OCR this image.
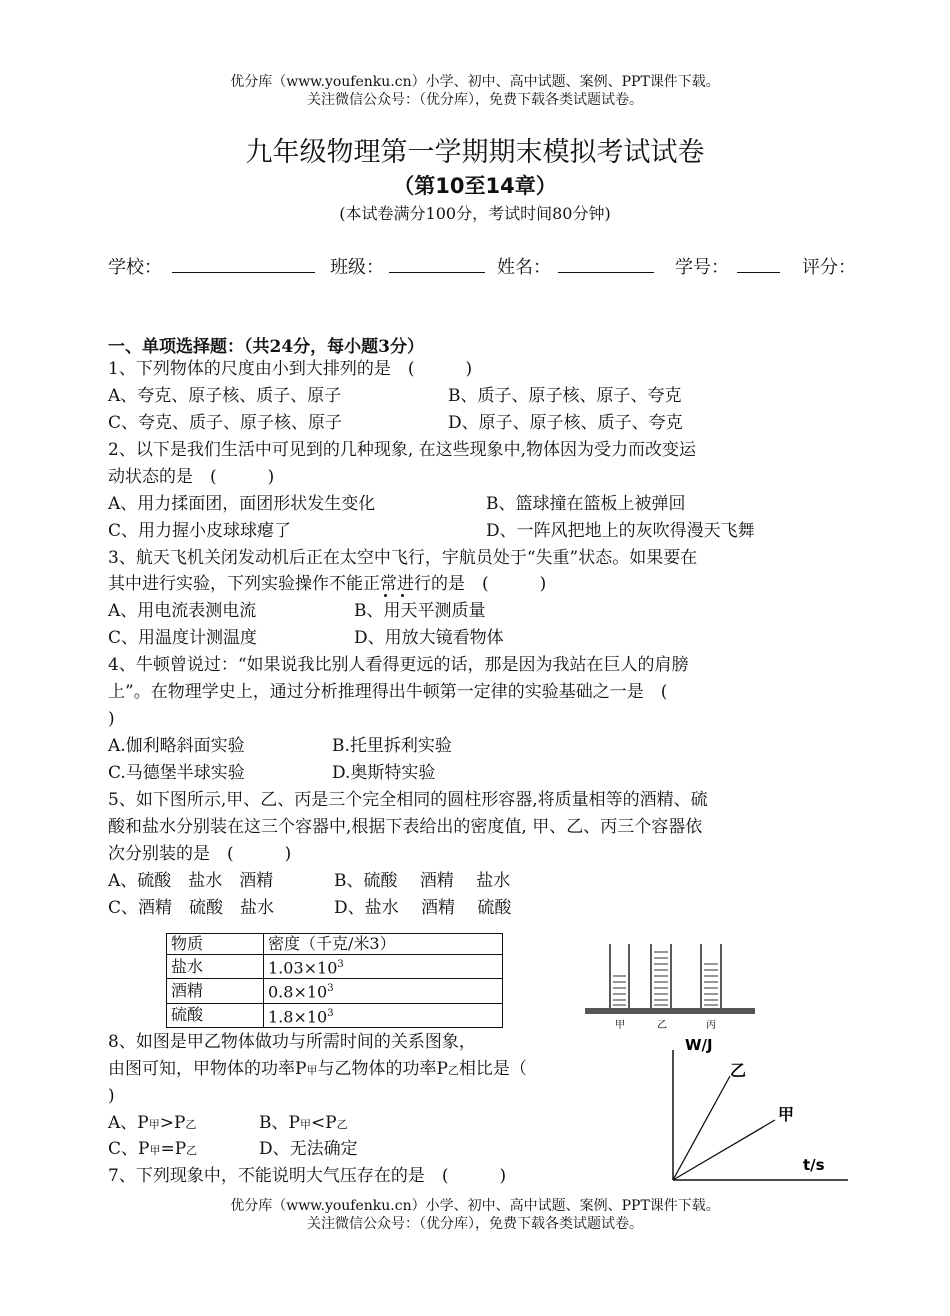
优分库（www.youfenku.cn）小学、初中、高中试题、案例、PPT课件下载。
关注微信公众号：（优分库），免费下载各类试题试卷。
九年级物理第一学期期末模拟考试试卷
（第10至14章）
(本试卷满分100分，考试时间80分钟)
学校：	班级：	姓名：	学号：	评分：
一、单项选择题：（共24分，每小题3分）
1、下列物体的尺度由小到大排列的是　(　　　)
A、夸克、原子核、质子、原子	B、质子、原子核、原子、夸克
C、夸克、质子、原子核、原子	D、原子、原子核、质子、夸克
2、以下是我们生活中可见到的几种现象, 在这些现象中,物体因为受力而改变运
动状态的是　(　　　)
A、用力揉面团，面团形状发生变化	B、篮球撞在篮板上被弹回
C、用力握小皮球球瘪了	D、一阵风把地上的灰吹得漫天飞舞
3、航天飞机关闭发动机后正在太空中飞行，宇航员处于“失重”状态。如果要在
其中进行实验，下列实验操作不能正常进行的是　(　　　)
A、用电流表测电流	B、用天平测质量
C、用温度计测温度	D、用放大镜看物体
4、牛顿曾说过：“如果说我比别人看得更远的话，那是因为我站在巨人的肩膀
上”。在物理学史上，通过分析推理得出牛顿第一定律的实验基础之一是　(
)
A.伽利略斜面实验	B.托里拆利实验
C.马德堡半球实验	D.奥斯特实验
5、如下图所示,甲、乙、丙是三个完全相同的圆柱形容器,将质量相等的酒精、硫
酸和盐水分别装在这三个容器中,根据下表给出的密度值, 甲、乙、丙三个容器依
次分别装的是　(　　　)
A、硫酸　盐水　酒精	B、硫酸　 酒精　 盐水
C、酒精　硫酸　盐水	D、盐水　 酒精　 硫酸
物质	密度（千克/米3）
盐水	$1.03\times 10^3$
酒精	$0.8\times 10^3$
硫酸	$1.8\times 10^3$
甲	乙	丙
8、如图是甲乙物体做功与所需时间的关系图象，
由图可知，甲物体的功率P甲与乙物体的功率P乙相比是（
)
A、P甲>P乙	B、P甲<P乙
C、P甲=P乙	D、无法确定
W/J
t/s
乙
甲
7、下列现象中，不能说明大气压存在的是　(　　　)
优分库（www.youfenku.cn）小学、初中、高中试题、案例、PPT课件下载。
关注微信公众号：（优分库），免费下载各类试题试卷。
